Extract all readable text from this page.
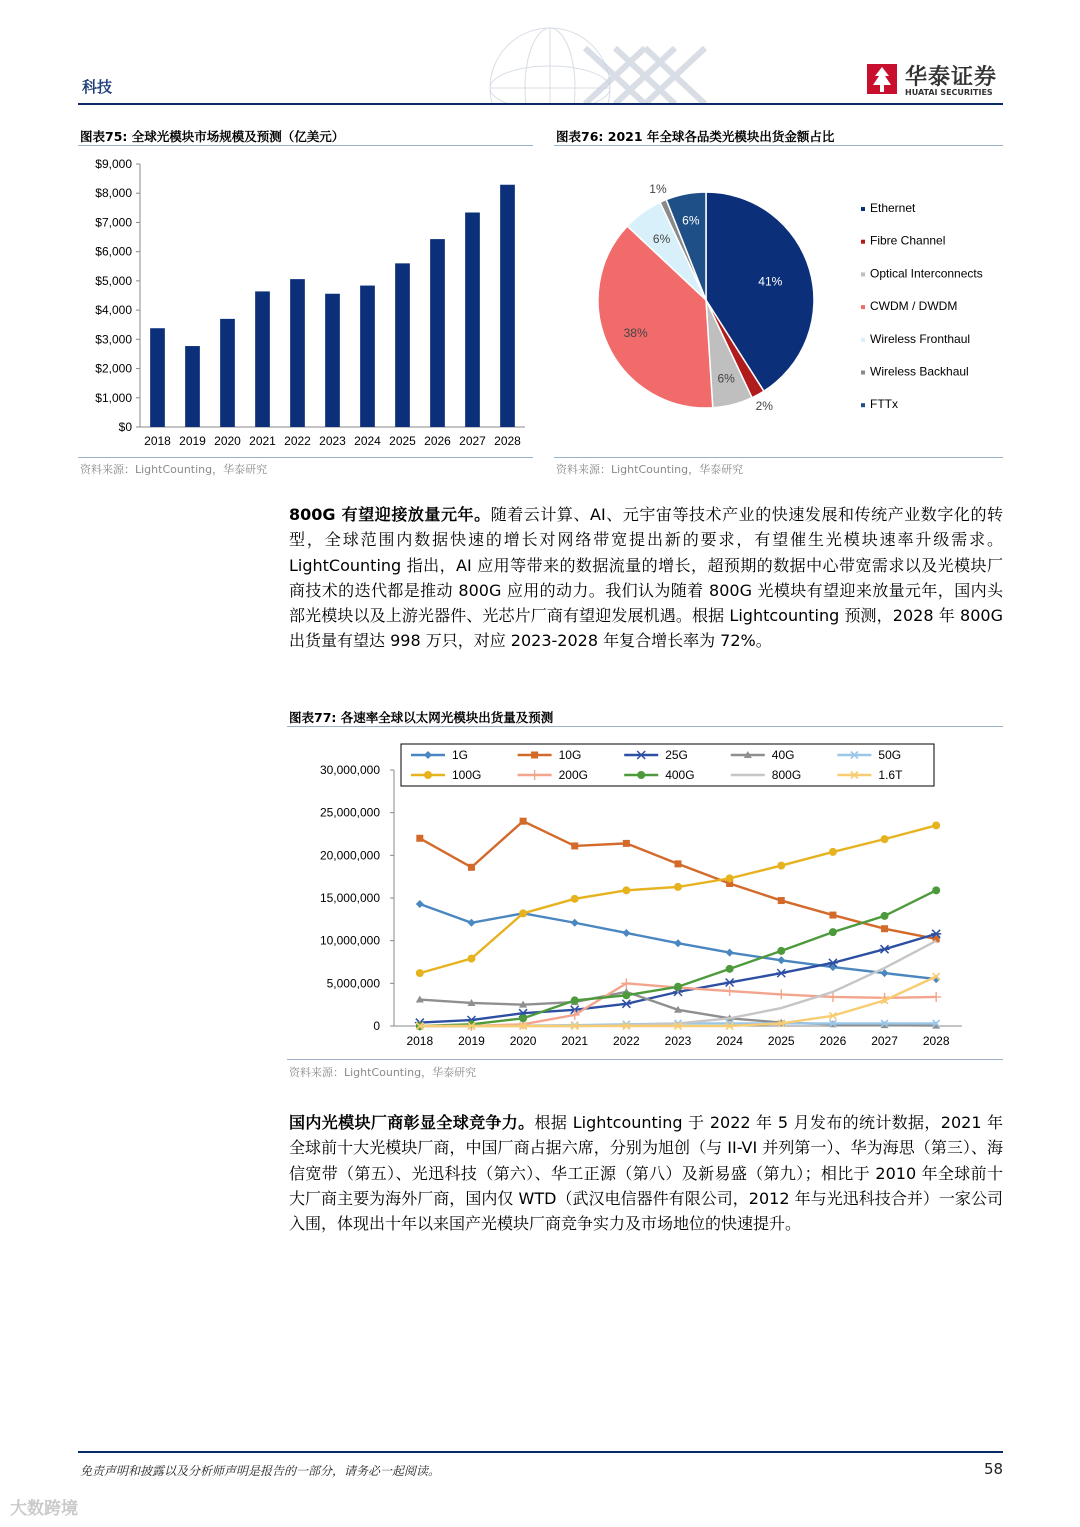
科技	华泰证券
HUATAI SECURITIES
图表75: 全球光模块市场规模及预测（亿美元）
$0
$1,000
$2,000
$3,000
$4,000
$5,000
$6,000
$7,000
$8,000
$9,000
2018 2019 2020 2021 2022 2023 2024 2025 2026 2027 2028
资料来源：LightCounting，华泰研究
图表76: 2021 年全球各品类光模块出货金额占比
41%
2%
6%
38%
6%
1%
6%
Ethernet
Fibre Channel
Optical Interconnects
CWDM / DWDM
Wireless Fronthaul
Wireless Backhaul
FTTx
资料来源：LightCounting，华泰研究
800G 有望迎接放量元年。随着云计算、AI、元宇宙等技术产业的快速发展和传统产业数字化的转型，全球范围内数据快速的增长对网络带宽提出新的要求，有望催生光模块速率升级需求。LightCounting 指出，AI 应用等带来的数据流量的增长，超预期的数据中心带宽需求以及光模块厂商技术的迭代都是推动 800G 应用的动力。我们认为随着 800G 光模块有望迎来放量元年，国内头部光模块以及上游光器件、光芯片厂商有望迎发展机遇。根据 Lightcounting 预测，2028 年 800G 出货量有望达 998 万只，对应 2023-2028 年复合增长率为 72%。
图表77: 各速率全球以太网光模块出货量及预测
0
5,000,000
10,000,000
15,000,000
20,000,000
25,000,000
30,000,000
2018 2019 2020 2021 2022 2023 2024 2025 2026 2027 2028
1G	10G	25G	40G	50G
100G	200G	400G	800G	1.6T
资料来源：LightCounting，华泰研究
国内光模块厂商彰显全球竞争力。根据 Lightcounting 于 2022 年 5 月发布的统计数据，2021 年全球前十大光模块厂商，中国厂商占据六席，分别为旭创（与 II-VI 并列第一）、华为海思（第三）、海信宽带（第五）、光迅科技（第六）、华工正源（第八）及新易盛（第九）；相比于 2010 年全球前十大厂商主要为海外厂商，国内仅 WTD（武汉电信器件有限公司，2012 年与光迅科技合并）一家公司入围，体现出十年以来国产光模块厂商竞争实力及市场地位的快速提升。
免责声明和披露以及分析师声明是报告的一部分，请务必一起阅读。	58
大数跨境
